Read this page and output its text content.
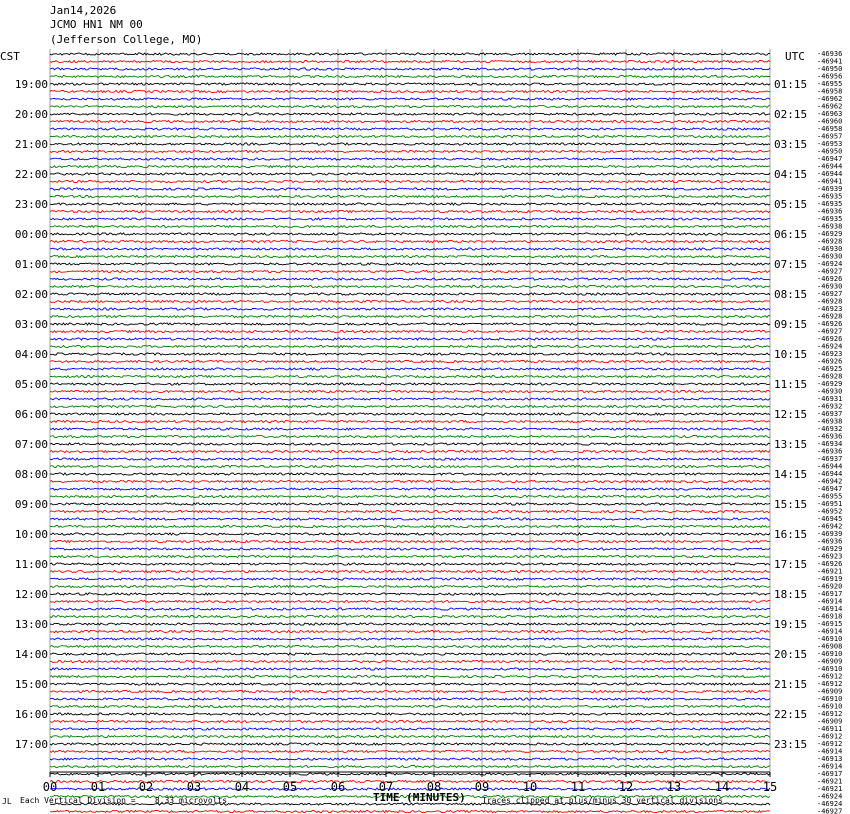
Jan14,2026
JCMO HN1 NM 00
(Jefferson College, MO)
CST	UTC
19:00
20:00
21:00
22:00
23:00
00:00
01:00
02:00
03:00
04:00
05:00
06:00
07:00
08:00
09:00
10:00
11:00
12:00
13:00
14:00
15:00
16:00
17:00
01:15
02:15
03:15
04:15
05:15
06:15
07:15
08:15
09:15
10:15
11:15
12:15
13:15
14:15
15:15
16:15
17:15
18:15
19:15
20:15
21:15
22:15
23:15
-46936
-46941
-46950
-46956
-46955
-46958
-46962
-46962
-46963
-46960
-46958
-46957
-46953
-46950
-46947
-46944
-46944
-46941
-46939
-46935
-46935
-46936
-46935
-46938
-46929
-46928
-46930
-46930
-46924
-46927
-46926
-46930
-46927
-46928
-46923
-46928
-46926
-46927
-46926
-46924
-46923
-46926
-46925
-46928
-46929
-46930
-46931
-46932
-46937
-46938
-46932
-46936
-46934
-46936
-46937
-46944
-46944
-46942
-46947
-46955
-46951
-46952
-46945
-46942
-46939
-46936
-46929
-46923
-46926
-46921
-46919
-46920
-46917
-46914
-46914
-46918
-46915
-46914
-46910
-46908
-46910
-46909
-46910
-46912
-46912
-46909
-46910
-46910
-46912
-46909
-46911
-46912
-46912
-46914
-46913
-46914
-46917
-46921
-46921
-46924
-46924
-46927
00	01	02	03	04	05	06	07	08	09	10	11	12	13	14	15
JL Each Vertical Division =    8.33 microvolts	TIME (MINUTES) Traces clipped at plus/minus 30 vertical divisions
